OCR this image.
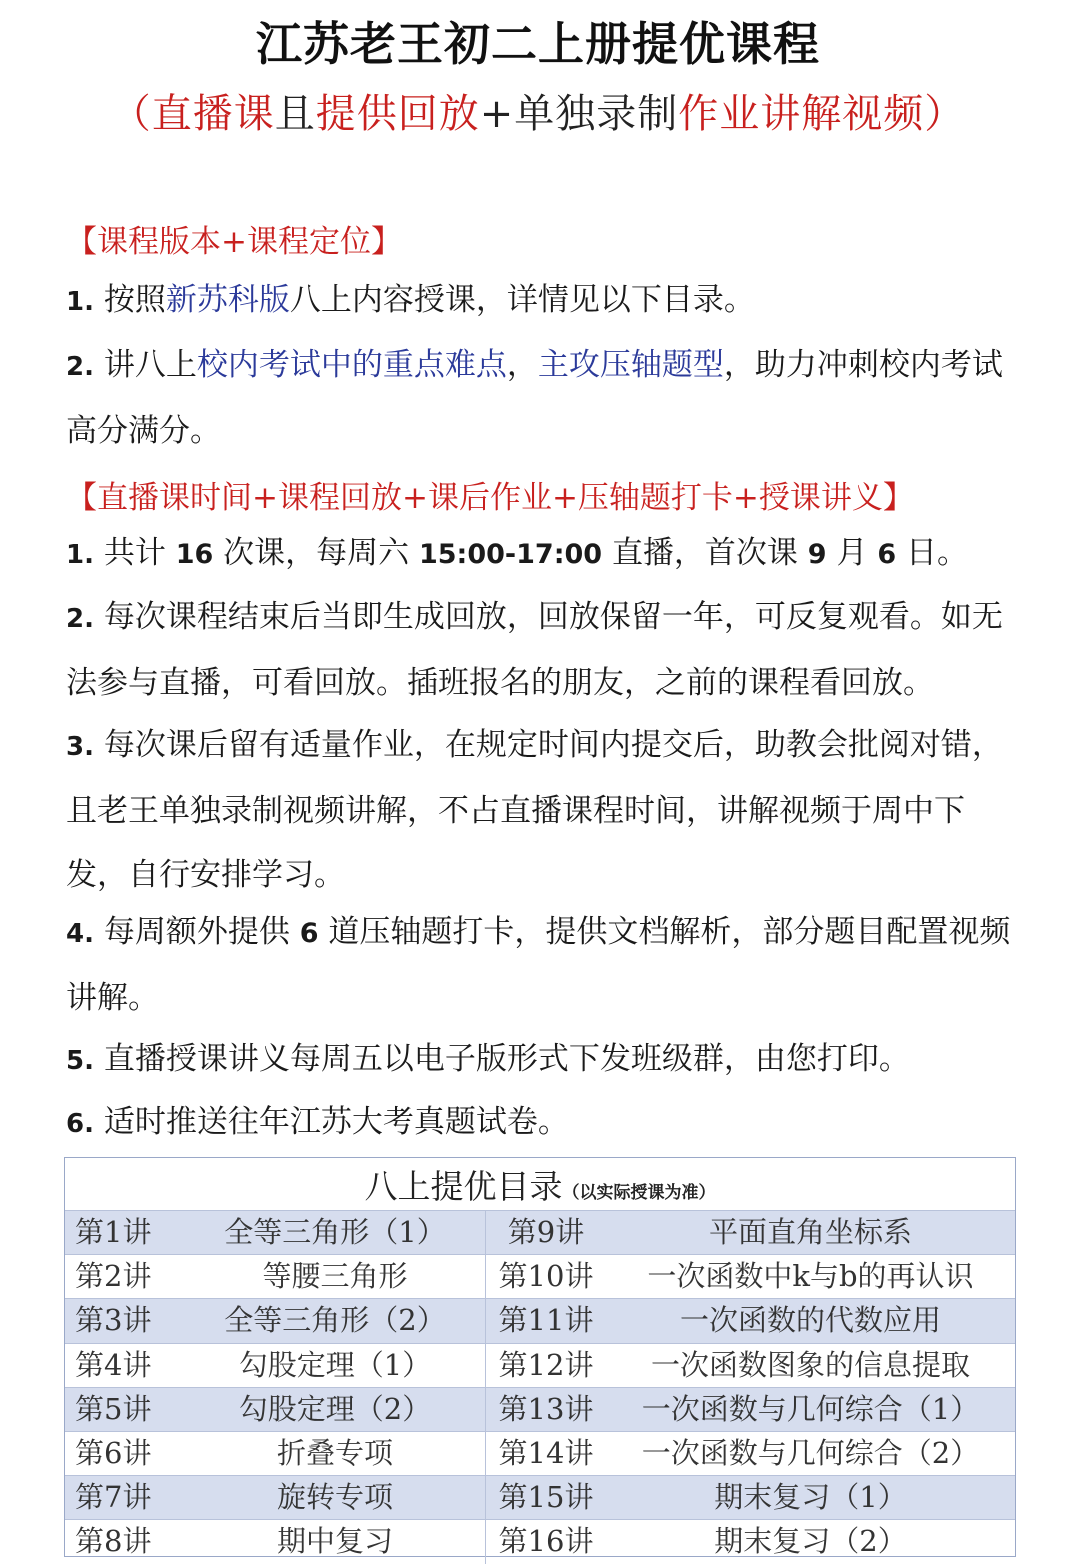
江苏老王初二上册提优课程
（直播课且提供回放+单独录制作业讲解视频）
【课程版本+课程定位】
1. 按照新苏科版八上内容授课，详情见以下目录。
2. 讲八上校内考试中的重点难点，主攻压轴题型，助力冲刺校内考试高分满分。
【直播课时间+课程回放+课后作业+压轴题打卡+授课讲义】
1. 共计 16 次课，每周六 15:00-17:00 直播，首次课 9 月 6 日。
2. 每次课程结束后当即生成回放，回放保留一年，可反复观看。如无法参与直播，可看回放。插班报名的朋友，之前的课程看回放。
3. 每次课后留有适量作业，在规定时间内提交后，助教会批阅对错，且老王单独录制视频讲解，不占直播课程时间，讲解视频于周中下发，自行安排学习。
4. 每周额外提供 6 道压轴题打卡，提供文档解析，部分题目配置视频讲解。
5. 直播授课讲义每周五以电子版形式下发班级群，由您打印。
6. 适时推送往年江苏大考真题试卷。
八上提优目录（以实际授课为准）
第1讲	全等三角形（1）	第9讲	平面直角坐标系
第2讲	等腰三角形	第10讲	一次函数中k与b的再认识
第3讲	全等三角形（2）	第11讲	一次函数的代数应用
第4讲	勾股定理（1）	第12讲	一次函数图象的信息提取
第5讲	勾股定理（2）	第13讲	一次函数与几何综合（1）
第6讲	折叠专项	第14讲	一次函数与几何综合（2）
第7讲	旋转专项	第15讲	期末复习（1）
第8讲	期中复习	第16讲	期末复习（2）
